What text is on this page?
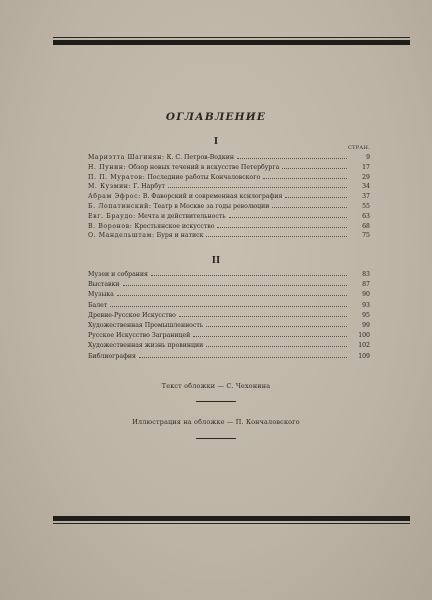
ОГЛАВЛЕНИЕ
I
СТРАН.
Мариэтта Шагинян: К. С. Петров-Водкин	9
Н. Пунин: Обзор новых течений в искусстве Петербурга	17
П. П. Муратов: Последние работы Кончаловского	29
М. Кузмин: Г. Нарбут	34
Абрам Эфрос: В. Фаворский и современная ксилография	37
Б. Лопатинский: Театр в Москве за годы революции	55
Евг. Браудо: Мечта и действительность	63
В. Воронов: Крестьянское искусство	68
О. Мандельштам: Буря и натиск	75
II
Музеи и собрания	83
Выставки	87
Музыка	90
Балет	93
Древне-Русское Искусство	95
Художественная Промышленность	99
Русское Искусство Заграницей	100
Художественная жизнь провинции	102
Библиография	109
Текст обложки — С. Чехонина
Иллюстрация на обложке — П. Кончаловского
